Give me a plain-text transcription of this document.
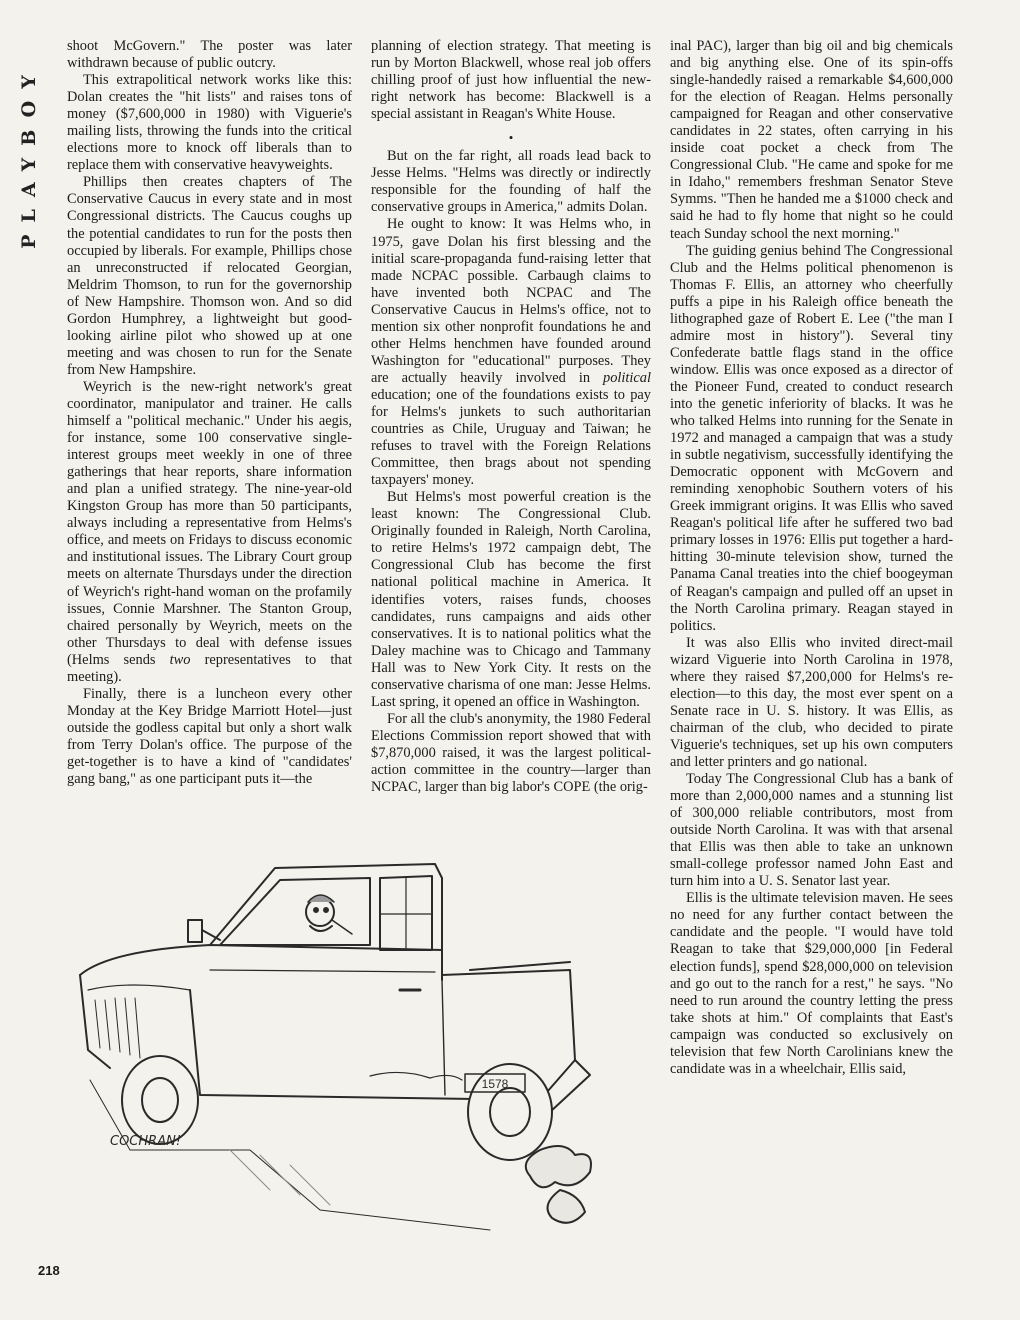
PLAYBOY

shoot McGovern." The poster was later withdrawn because of public outcry.

This extrapolitical network works like this: Dolan creates the "hit lists" and raises tons of money ($7,600,000 in 1980) with Viguerie's mailing lists, throwing the funds into the critical elections more to knock off liberals than to replace them with conservative heavyweights.

Phillips then creates chapters of The Conservative Caucus in every state and in most Congressional districts. The Caucus coughs up the potential candidates to run for the posts then occupied by liberals. For example, Phillips chose an unreconstructed if relocated Georgian, Meldrim Thomson, to run for the governorship of New Hampshire. Thomson won. And so did Gordon Humphrey, a lightweight but good-looking airline pilot who showed up at one meeting and was chosen to run for the Senate from New Hampshire.

Weyrich is the new-right network's great coordinator, manipulator and trainer. He calls himself a "political mechanic." Under his aegis, for instance, some 100 conservative single-interest groups meet weekly in one of three gatherings that hear reports, share information and plan a unified strategy. The nine-year-old Kingston Group has more than 50 participants, always including a representative from Helms's office, and meets on Fridays to discuss economic and institutional issues. The Library Court group meets on alternate Thursdays under the direction of Weyrich's right-hand woman on the profamily issues, Connie Marshner. The Stanton Group, chaired personally by Weyrich, meets on the other Thursdays to deal with defense issues (Helms sends two representatives to that meeting).

Finally, there is a luncheon every other Monday at the Key Bridge Marriott Hotel—just outside the godless capital but only a short walk from Terry Dolan's office. The purpose of the get-together is to have a kind of "candidates' gang bang," as one participant puts it—the

planning of election strategy. That meeting is run by Morton Blackwell, whose real job offers chilling proof of just how influential the new-right network has become: Blackwell is a special assistant in Reagan's White House.

•

But on the far right, all roads lead back to Jesse Helms. "Helms was directly or indirectly responsible for the founding of half the conservative groups in America," admits Dolan.

He ought to know: It was Helms who, in 1975, gave Dolan his first blessing and the initial scare-propaganda fund-raising letter that made NCPAC possible. Carbaugh claims to have invented both NCPAC and The Conservative Caucus in Helms's office, not to mention six other nonprofit foundations he and other Helms henchmen have founded around Washington for "educational" purposes. They are actually heavily involved in political education; one of the foundations exists to pay for Helms's junkets to such authoritarian countries as Chile, Uruguay and Taiwan; he refuses to travel with the Foreign Relations Committee, then brags about not spending taxpayers' money.

But Helms's most powerful creation is the least known: The Congressional Club. Originally founded in Raleigh, North Carolina, to retire Helms's 1972 campaign debt, The Congressional Club has become the first national political machine in America. It identifies voters, raises funds, chooses candidates, runs campaigns and aids other conservatives. It is to national politics what the Daley machine was to Chicago and Tammany Hall was to New York City. It rests on the conservative charisma of one man: Jesse Helms. Last spring, it opened an office in Washington.

For all the club's anonymity, the 1980 Federal Elections Commission report showed that with $7,870,000 raised, it was the largest political-action committee in the country—larger than NCPAC, larger than big labor's COPE (the orig-

inal PAC), larger than big oil and big chemicals and big anything else. One of its spin-offs single-handedly raised a remarkable $4,600,000 for the election of Reagan. Helms personally campaigned for Reagan and other conservative candidates in 22 states, often carrying in his inside coat pocket a check from The Congressional Club. "He came and spoke for me in Idaho," remembers freshman Senator Steve Symms. "Then he handed me a $1000 check and said he had to fly home that night so he could teach Sunday school the next morning."

The guiding genius behind The Congressional Club and the Helms political phenomenon is Thomas F. Ellis, an attorney who cheerfully puffs a pipe in his Raleigh office beneath the lithographed gaze of Robert E. Lee ("the man I admire most in history"). Several tiny Confederate battle flags stand in the office window. Ellis was once exposed as a director of the Pioneer Fund, created to conduct research into the genetic inferiority of blacks. It was he who talked Helms into running for the Senate in 1972 and managed a campaign that was a study in subtle negativism, successfully identifying the Democratic opponent with McGovern and reminding xenophobic Southern voters of his Greek immigrant origins. It was Ellis who saved Reagan's political life after he suffered two bad primary losses in 1976: Ellis put together a hard-hitting 30-minute television show, turned the Panama Canal treaties into the chief boogeyman of Reagan's campaign and pulled off an upset in the North Carolina primary. Reagan stayed in politics.

It was also Ellis who invited direct-mail wizard Viguerie into North Carolina in 1978, where they raised $7,200,000 for Helms's re-election—to this day, the most ever spent on a Senate race in U. S. history. It was Ellis, as chairman of the club, who decided to pirate Viguerie's techniques, set up his own computers and letter printers and go national.

Today The Congressional Club has a bank of more than 2,000,000 names and a stunning list of 300,000 reliable contributors, most from outside North Carolina. It was with that arsenal that Ellis was then able to take an unknown small-college professor named John East and turn him into a U. S. Senator last year.

Ellis is the ultimate television maven. He sees no need for any further contact between the candidate and the people. "I would have told Reagan to take that $29,000,000 [in Federal election funds], spend $28,000,000 on television and go out to the ranch for a rest," he says. "No need to run around the country letting the press take shots at him." Of complaints that East's campaign was conducted so exclusively on television that few North Carolinians knew the candidate was in a wheelchair, Ellis said,

1578
COCHRAN!
218
